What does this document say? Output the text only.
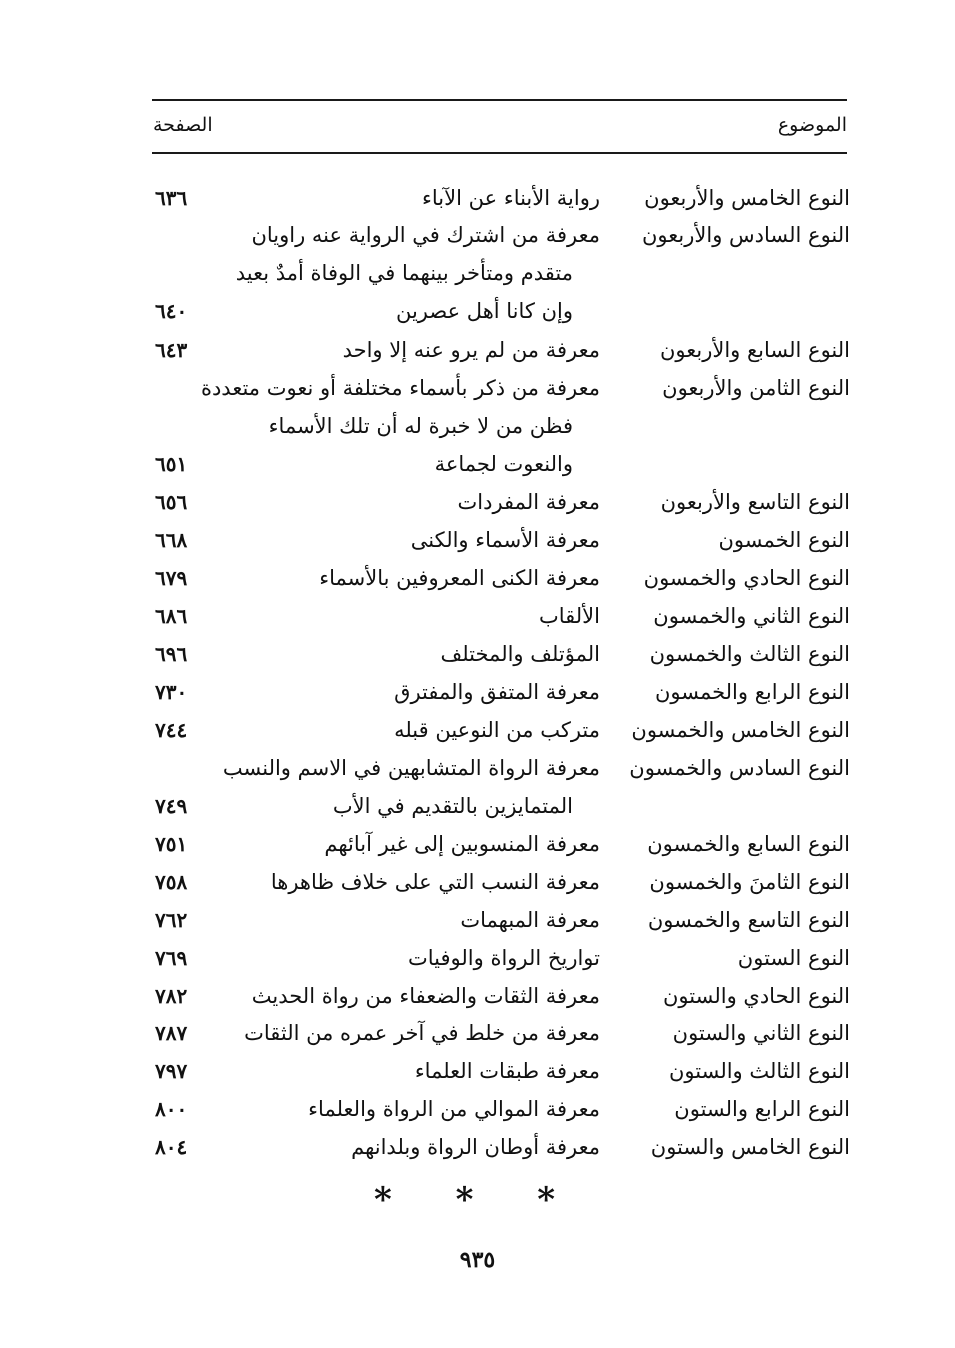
الموضوع
الصفحة
النوع الخامس والأربعون
رواية الأبناء عن الآباء
٦٣٦
النوع السادس والأربعون
معرفة من اشترك في الرواية عنه راويان
متقدم ومتأخر بينهما في الوفاة أمدٌ بعيد
وإن كانا أهل عصرين
٦٤٠
النوع السابع والأربعون
معرفة من لم يرو عنه إلا واحد
٦٤٣
النوع الثامن والأربعون
معرفة من ذكر بأسماء مختلفة أو نعوت متعددة
فظن من لا خبرة له أن تلك الأسماء
والنعوت لجماعة
٦٥١
النوع التاسع والأربعون
معرفة المفردات
٦٥٦
النوع الخمسون
معرفة الأسماء والكنى
٦٦٨
النوع الحادي والخمسون
معرفة الكنى المعروفين بالأسماء
٦٧٩
النوع الثاني والخمسون
الألقاب
٦٨٦
النوع الثالث والخمسون
المؤتلف والمختلف
٦٩٦
النوع الرابع والخمسون
معرفة المتفق والمفترق
٧٣٠
النوع الخامس والخمسون
متركب من النوعين قبله
٧٤٤
النوع السادس والخمسون
معرفة الرواة المتشابهين في الاسم والنسب
المتمايزين بالتقديم في الأب
٧٤٩
النوع السابع والخمسون
معرفة المنسوبين إلى غير آبائهم
٧٥١
النوع الثامنَ والخمسون
معرفة النسب التي على خلاف ظاهرها
٧٥٨
النوع التاسع والخمسون
معرفة المبهمات
٧٦٢
النوع الستون
تواريخ الرواة والوفيات
٧٦٩
النوع الحادي والستون
معرفة الثقات والضعفاء من رواة الحديث
٧٨٢
النوع الثاني والستون
معرفة من خلط في آخر عمره من الثقات
٧٨٧
النوع الثالث والستون
معرفة طبقات العلماء
٧٩٧
النوع الرابع والستون
معرفة الموالي من الرواة والعلماء
٨٠٠
النوع الخامس والستون
معرفة أوطان الرواة وبلدانهم
٨٠٤
* * *
٩٣٥
